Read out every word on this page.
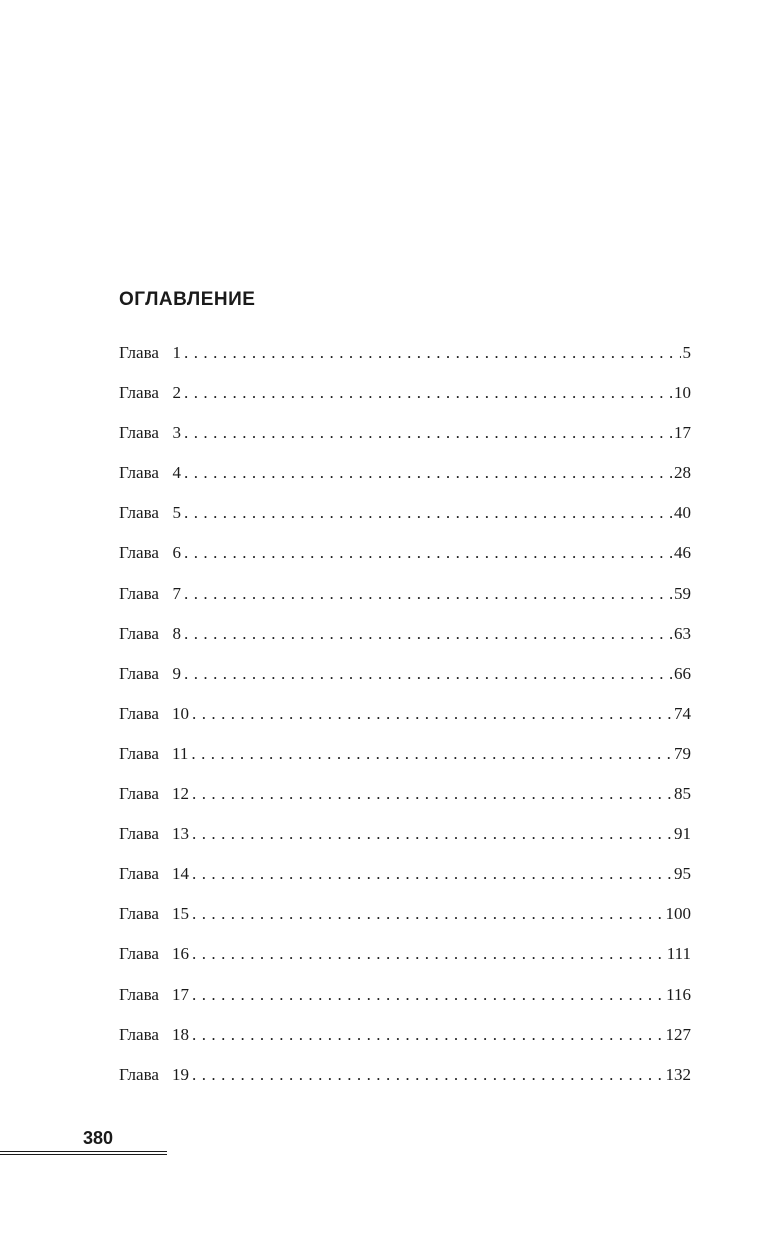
ОГЛАВЛЕНИЕ
Глава 1 . . .	5
Глава 2 . . .	10
Глава 3 . . .	17
Глава 4 . . .	28
Глава 5 . . .	40
Глава 6 . . .	46
Глава 7 . . .	59
Глава 8 . . .	63
Глава 9 . . .	66
Глава 10 . . .	74
Глава 11 . . .	79
Глава 12 . . .	85
Глава 13 . . .	91
Глава 14 . . .	95
Глава 15 . . .	100
Глава 16 . . .	111
Глава 17 . . .	116
Глава 18 . . .	127
Глава 19 . . .	132

380
